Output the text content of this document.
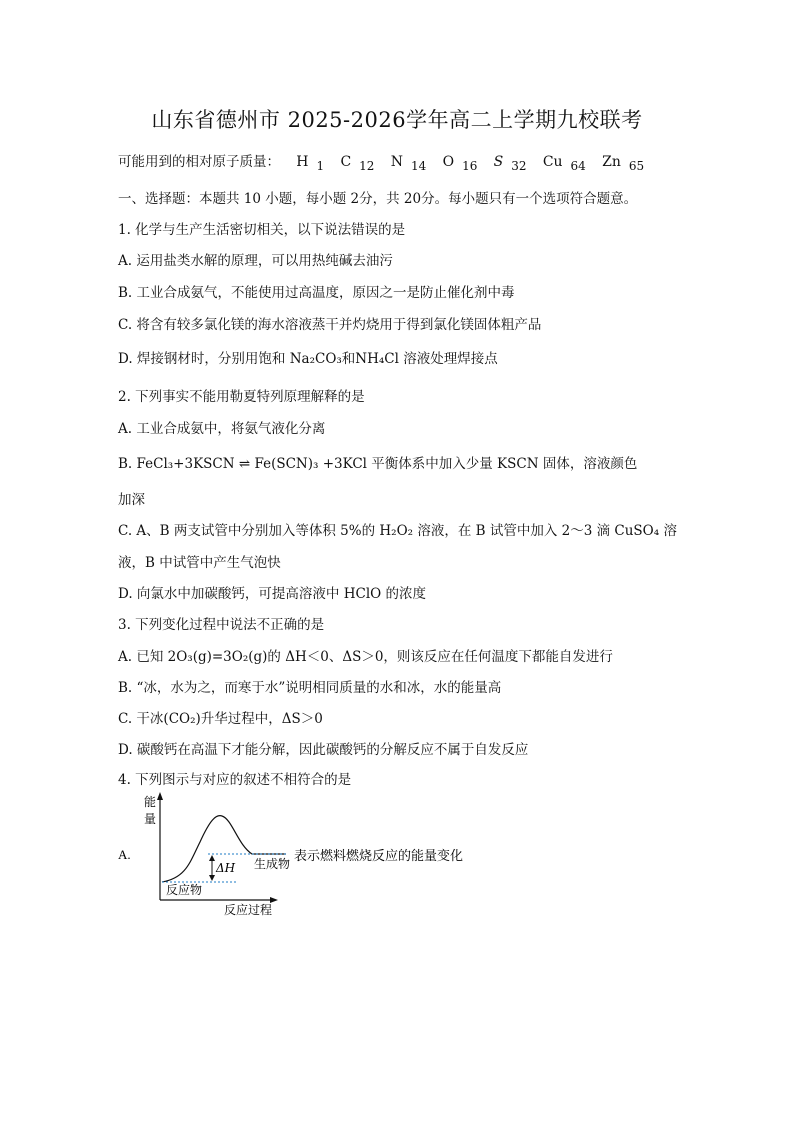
山东省德州市 2025-2026学年高二上学期九校联考
可能用到的相对原子质量： H 1 C 12 N 14 O 16 S 32 Cu 64 Zn 65
一、选择题：本题共 10 小题，每小题 2分，共 20分。每小题只有一个选项符合题意。
1. 化学与生产生活密切相关，以下说法错误的是
A. 运用盐类水解的原理，可以用热纯碱去油污
B. 工业合成氨气，不能使用过高温度，原因之一是防止催化剂中毒
C. 将含有较多氯化镁的海水溶液蒸干并灼烧用于得到氯化镁固体粗产品
D. 焊接钢材时，分别用饱和 Na₂CO₃和NH₄Cl 溶液处理焊接点
2. 下列事实不能用勒夏特列原理解释的是
A. 工业合成氨中，将氨气液化分离
B. FeCl₃+3KSCN ⇌ Fe(SCN)₃ +3KCl 平衡体系中加入少量 KSCN 固体，溶液颜色
加深
C. A、B 两支试管中分别加入等体积 5%的 H₂O₂ 溶液，在 B 试管中加入 2～3 滴 CuSO₄ 溶
液，B 中试管中产生气泡快
D. 向氯水中加碳酸钙，可提高溶液中 HClO 的浓度
3. 下列变化过程中说法不正确的是
A. 已知 2O₃(g)=3O₂(g)的 ΔH＜0、ΔS＞0，则该反应在任何温度下都能自发进行
B. “冰，水为之，而寒于水”说明相同质量的水和冰，水的能量高
C. 干冰(CO₂)升华过程中，ΔS＞0
D. 碳酸钙在高温下才能分解，因此碳酸钙的分解反应不属于自发反应
4. 下列图示与对应的叙述不相符合的是
A.
能
量
反应过程
ΔH
反应物
生成物 表示燃料燃烧反应的能量变化
